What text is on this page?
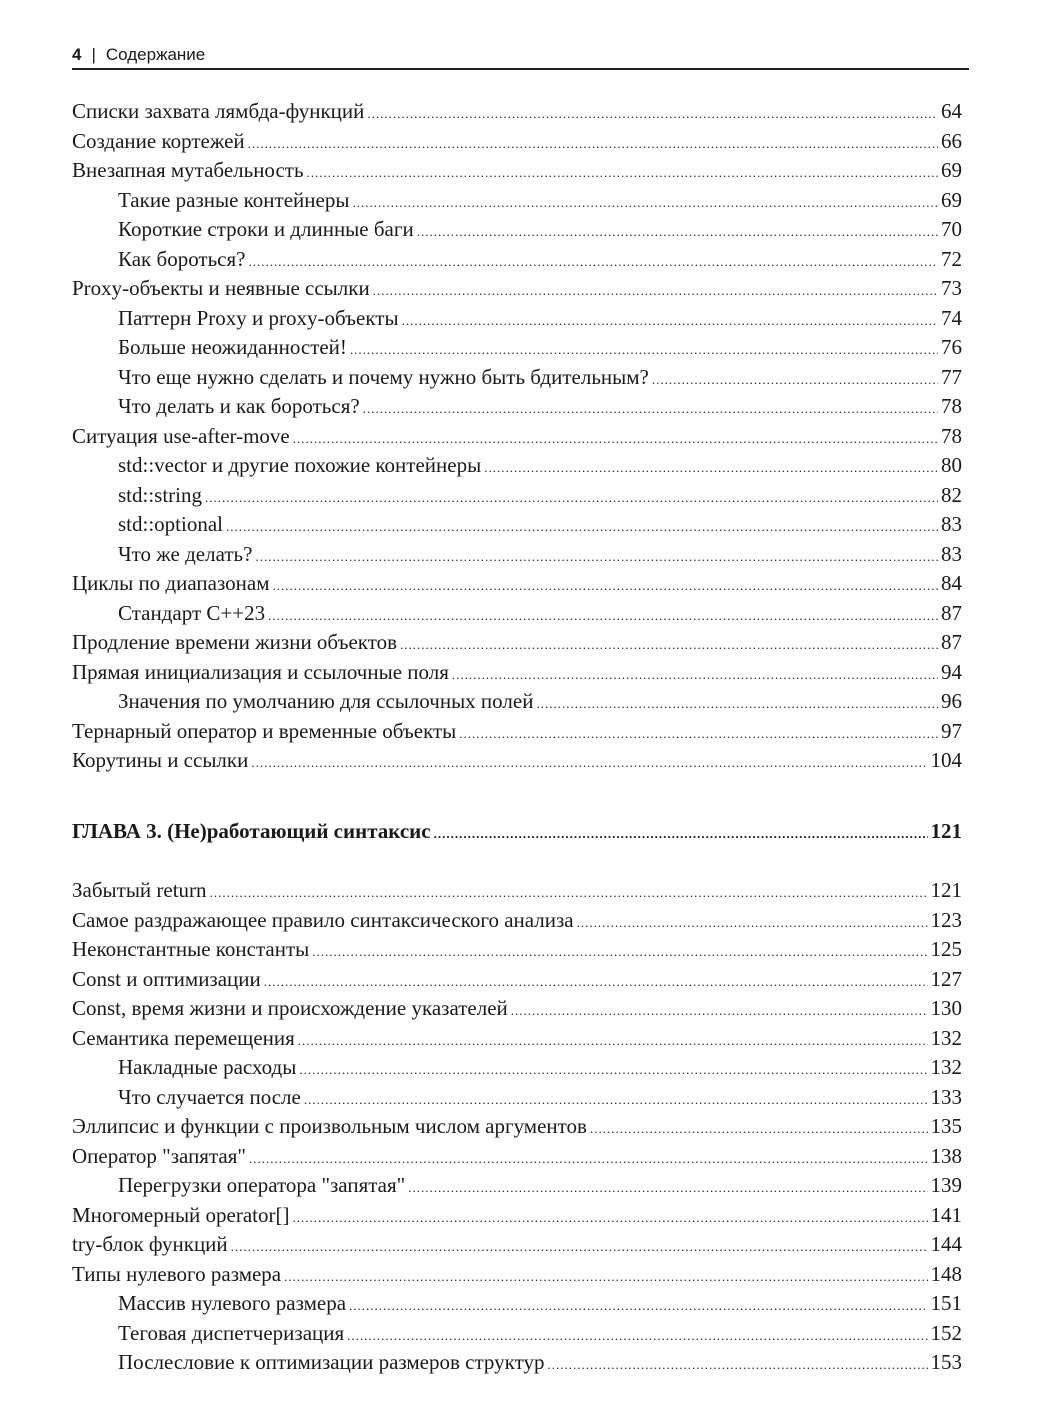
4 | Содержание
Списки захвата лямбда-функций .....	64
Создание кортежей .....	66
Внезапная мутабельность .....	69
Такие разные контейнеры .....	69
Короткие строки и длинные баги .....	70
Как бороться? .....	72
Proxy-объекты и неявные ссылки .....	73
Паттерн Proxy и proxy-объекты .....	74
Больше неожиданностей! .....	76
Что еще нужно сделать и почему нужно быть бдительным? .....	77
Что делать и как бороться? .....	78
Ситуация use-after-move .....	78
std::vector и другие похожие контейнеры .....	80
std::string .....	82
std::optional .....	83
Что же делать? .....	83
Циклы по диапазонам .....	84
Стандарт С++23 .....	87
Продление времени жизни объектов .....	87
Прямая инициализация и ссылочные поля .....	94
Значения по умолчанию для ссылочных полей .....	96
Тернарный оператор и временные объекты .....	97
Корутины и ссылки .....	104
ГЛАВА 3. (Не)работающий синтаксис .....	121
Забытый return .....	121
Самое раздражающее правило синтаксического анализа .....	123
Неконстантные константы .....	125
Const и оптимизации .....	127
Const, время жизни и происхождение указателей .....	130
Семантика перемещения .....	132
Накладные расходы .....	132
Что случается после .....	133
Эллипсис и функции с произвольным числом аргументов .....	135
Оператор "запятая" .....	138
Перегрузки оператора "запятая" .....	139
Многомерный operator[] .....	141
try-блок функций .....	144
Типы нулевого размера .....	148
Массив нулевого размера .....	151
Теговая диспетчеризация .....	152
Послесловие к оптимизации размеров структур .....	153
